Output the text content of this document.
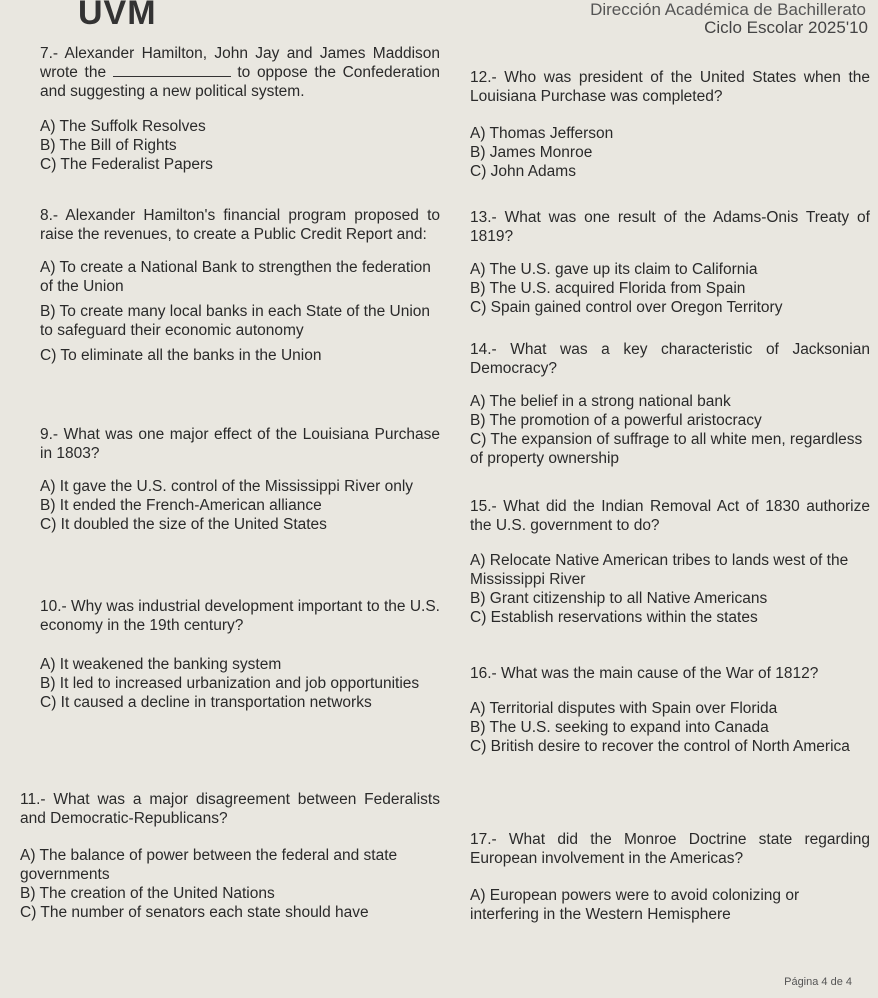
UVM	Dirección Académica de Bachillerato
Ciclo Escolar 2025'10
7.- Alexander Hamilton, John Jay and James Maddison wrote the	to oppose the Confederation and suggesting a new political system.
A) The Suffolk Resolves
B) The Bill of Rights
C) The Federalist Papers
8.- Alexander Hamilton's financial program proposed to raise the revenues, to create a Public Credit Report and:
A) To create a National Bank to strengthen the federation of the Union
B) To create many local banks in each State of the Union to safeguard their economic autonomy
C) To eliminate all the banks in the Union
9.- What was one major effect of the Louisiana Purchase in 1803?
A) It gave the U.S. control of the Mississippi River only
B) It ended the French-American alliance
C) It doubled the size of the United States
10.- Why was industrial development important to the U.S. economy in the 19th century?
A) It weakened the banking system
B) It led to increased urbanization and job opportunities
C) It caused a decline in transportation networks
11.- What was a major disagreement between Federalists and Democratic-Republicans?
A) The balance of power between the federal and state governments
B) The creation of the United Nations
C) The number of senators each state should have
12.- Who was president of the United States when the Louisiana Purchase was completed?
A) Thomas Jefferson
B) James Monroe
C) John Adams
13.- What was one result of the Adams-Onis Treaty of 1819?
A) The U.S. gave up its claim to California
B) The U.S. acquired Florida from Spain
C) Spain gained control over Oregon Territory
14.- What was a key characteristic of Jacksonian Democracy?
A) The belief in a strong national bank
B) The promotion of a powerful aristocracy
C) The expansion of suffrage to all white men, regardless of property ownership
15.- What did the Indian Removal Act of 1830 authorize the U.S. government to do?
A) Relocate Native American tribes to lands west of the Mississippi River
B) Grant citizenship to all Native Americans
C) Establish reservations within the states
16.- What was the main cause of the War of 1812?
A) Territorial disputes with Spain over Florida
B) The U.S. seeking to expand into Canada
C) British desire to recover the control of North America
17.- What did the Monroe Doctrine state regarding European involvement in the Americas?
A) European powers were to avoid colonizing or interfering in the Western Hemisphere
Página 4 de 4
